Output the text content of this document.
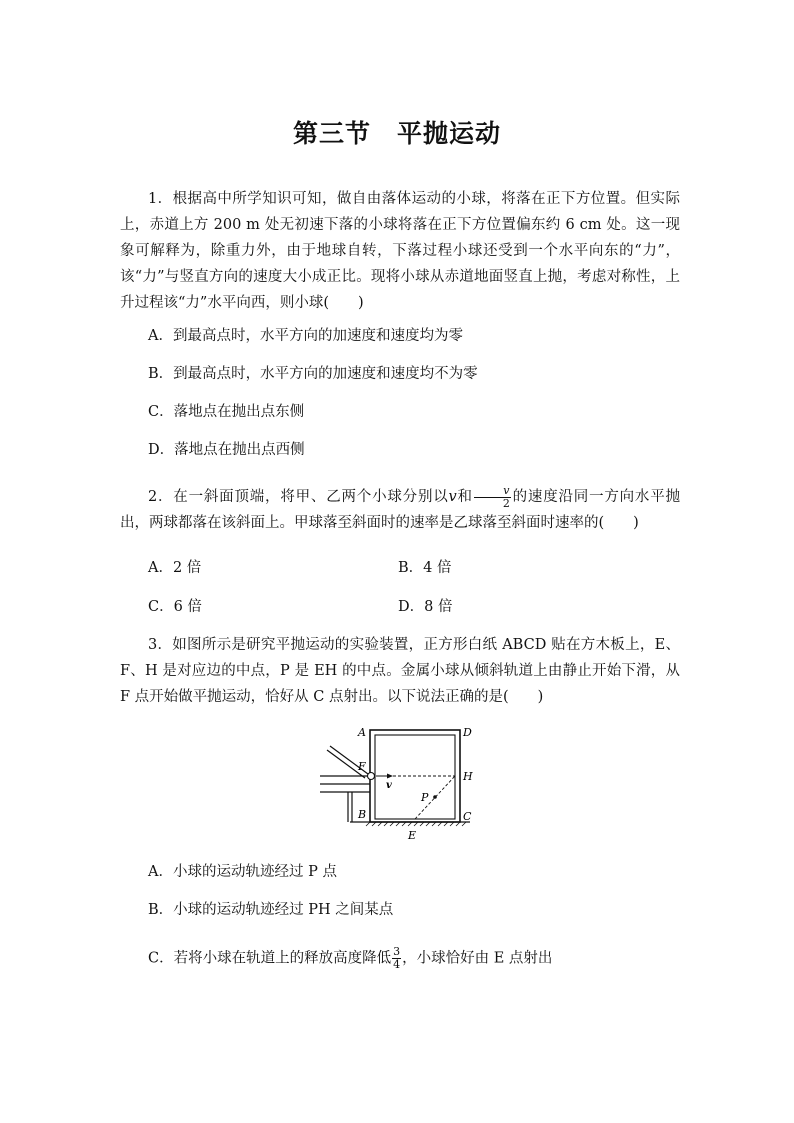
第三节　平抛运动
1．根据高中所学知识可知，做自由落体运动的小球，将落在正下方位置。但实际上，赤道上方 200 m 处无初速下落的小球将落在正下方位置偏东约 6 cm 处。这一现象可解释为，除重力外，由于地球自转，下落过程小球还受到一个水平向东的“力”，该“力”与竖直方向的速度大小成正比。现将小球从赤道地面竖直上抛，考虑对称性，上升过程该“力”水平向西，则小球(　　)
A．到最高点时，水平方向的加速度和速度均为零
B．到最高点时，水平方向的加速度和速度均不为零
C．落地点在抛出点东侧
D．落地点在抛出点西侧
2．在一斜面顶端，将甲、乙两个小球分别以v和 $\frac{v}{2}$ 的速度沿同一方向水平抛出，两球都落在该斜面上。甲球落至斜面时的速率是乙球落至斜面时速率的(　　)
A．2 倍	B．4 倍
C．6 倍	D．8 倍
3．如图所示是研究平抛运动的实验装置，正方形白纸 ABCD 贴在方木板上，E、F、H 是对应边的中点，P 是 EH 的中点。金属小球从倾斜轨道上由静止开始下滑，从 F 点开始做平抛运动，恰好从 C 点射出。以下说法正确的是(　　)
A	D
F
H
v
P
B	C
E
A．小球的运动轨迹经过 P 点
B．小球的运动轨迹经过 PH 之间某点
C．若将小球在轨道上的释放高度降低 $\frac{3}{4}$ ，小球恰好由 E 点射出
